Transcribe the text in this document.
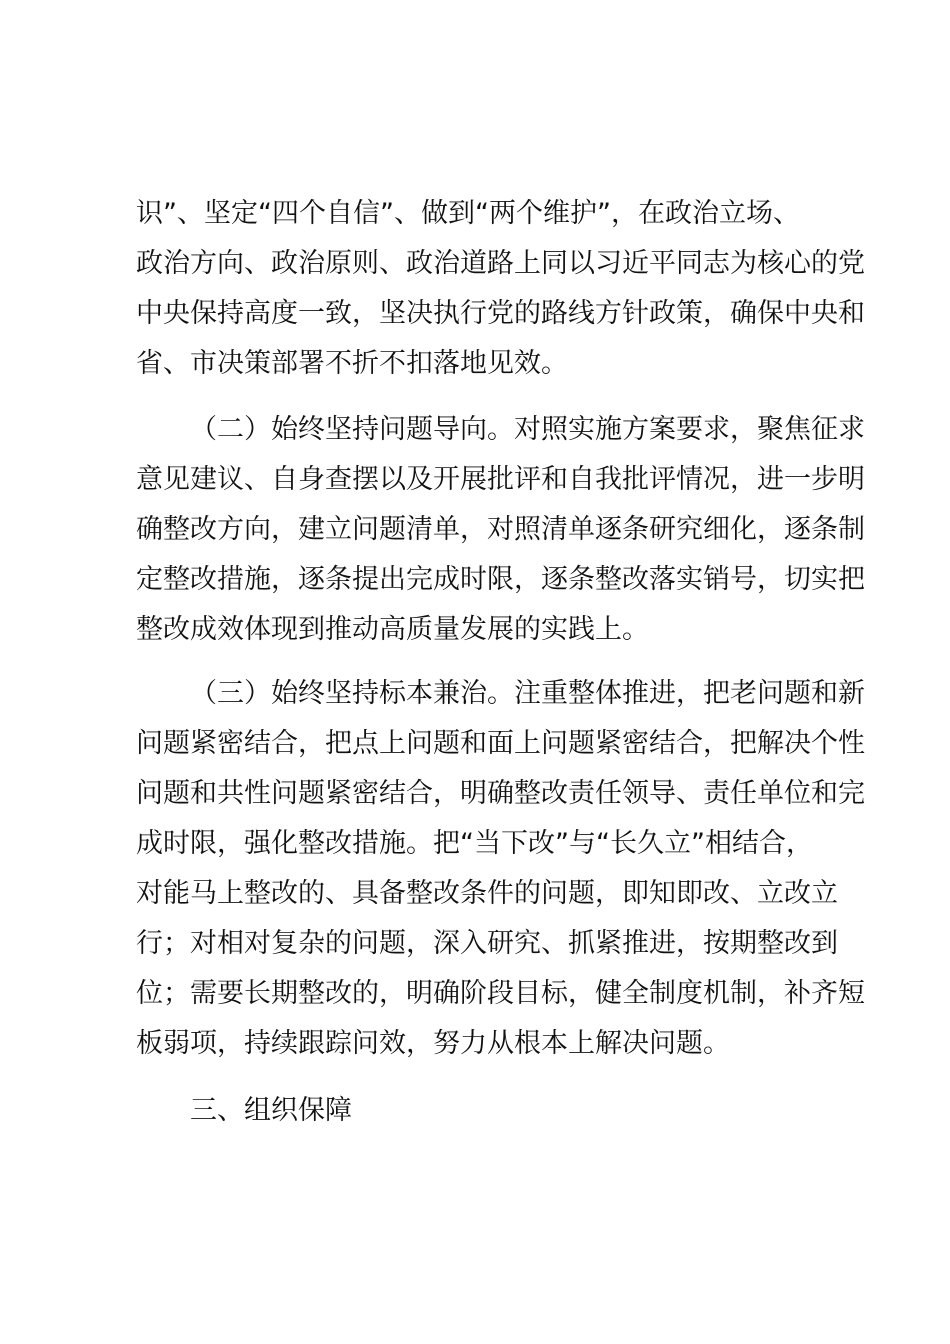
识”、坚定“四个自信”、做到“两个维护”，在政治立场、
政治方向、政治原则、政治道路上同以习近平同志为核心的党
中央保持高度一致，坚决执行党的路线方针政策，确保中央和
省、市决策部署不折不扣落地见效。
（二）始终坚持问题导向。对照实施方案要求，聚焦征求
意见建议、自身查摆以及开展批评和自我批评情况，进一步明
确整改方向，建立问题清单，对照清单逐条研究细化，逐条制
定整改措施，逐条提出完成时限，逐条整改落实销号，切实把
整改成效体现到推动高质量发展的实践上。
（三）始终坚持标本兼治。注重整体推进，把老问题和新
问题紧密结合，把点上问题和面上问题紧密结合，把解决个性
问题和共性问题紧密结合，明确整改责任领导、责任单位和完
成时限，强化整改措施。把“当下改”与“长久立”相结合，
对能马上整改的、具备整改条件的问题，即知即改、立改立
行；对相对复杂的问题，深入研究、抓紧推进，按期整改到
位；需要长期整改的，明确阶段目标，健全制度机制，补齐短
板弱项，持续跟踪问效，努力从根本上解决问题。
三、组织保障
